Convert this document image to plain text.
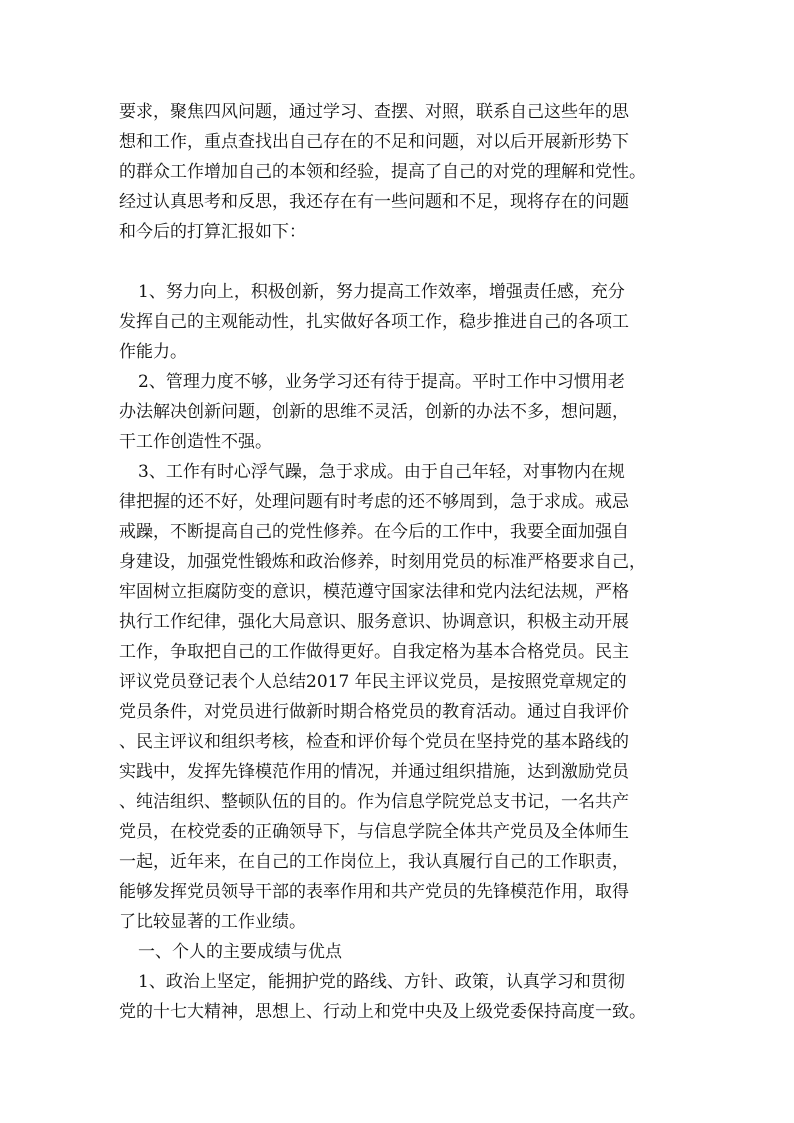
要求，聚焦四风问题，通过学习、查摆、对照，联系自己这些年的思
想和工作，重点查找出自己存在的不足和问题，对以后开展新形势下
的群众工作增加自己的本领和经验，提高了自己的对党的理解和党性。
经过认真思考和反思，我还存在有一些问题和不足，现将存在的问题
和今后的打算汇报如下：
1、努力向上，积极创新，努力提高工作效率，增强责任感，充分
发挥自己的主观能动性，扎实做好各项工作，稳步推进自己的各项工
作能力。
2、管理力度不够，业务学习还有待于提高。平时工作中习惯用老
办法解决创新问题，创新的思维不灵活，创新的办法不多，想问题，
干工作创造性不强。
3、工作有时心浮气躁，急于求成。由于自己年轻，对事物内在规
律把握的还不好，处理问题有时考虑的还不够周到，急于求成。戒忌
戒躁，不断提高自己的党性修养。在今后的工作中，我要全面加强自
身建设，加强党性锻炼和政治修养，时刻用党员的标准严格要求自己，
牢固树立拒腐防变的意识，模范遵守国家法律和党内法纪法规，严格
执行工作纪律，强化大局意识、服务意识、协调意识，积极主动开展
工作，争取把自己的工作做得更好。自我定格为基本合格党员。民主
评议党员登记表个人总结2017 年民主评议党员，是按照党章规定的
党员条件，对党员进行做新时期合格党员的教育活动。通过自我评价
、民主评议和组织考核，检查和评价每个党员在坚持党的基本路线的
实践中，发挥先锋模范作用的情况，并通过组织措施，达到激励党员
、纯洁组织、整顿队伍的目的。作为信息学院党总支书记，一名共产
党员，在校党委的正确领导下，与信息学院全体共产党员及全体师生
一起，近年来，在自己的工作岗位上，我认真履行自己的工作职责，
能够发挥党员领导干部的表率作用和共产党员的先锋模范作用，取得
了比较显著的工作业绩。
一、个人的主要成绩与优点
1、政治上坚定，能拥护党的路线、方针、政策，认真学习和贯彻
党的十七大精神，思想上、行动上和党中央及上级党委保持高度一致。
